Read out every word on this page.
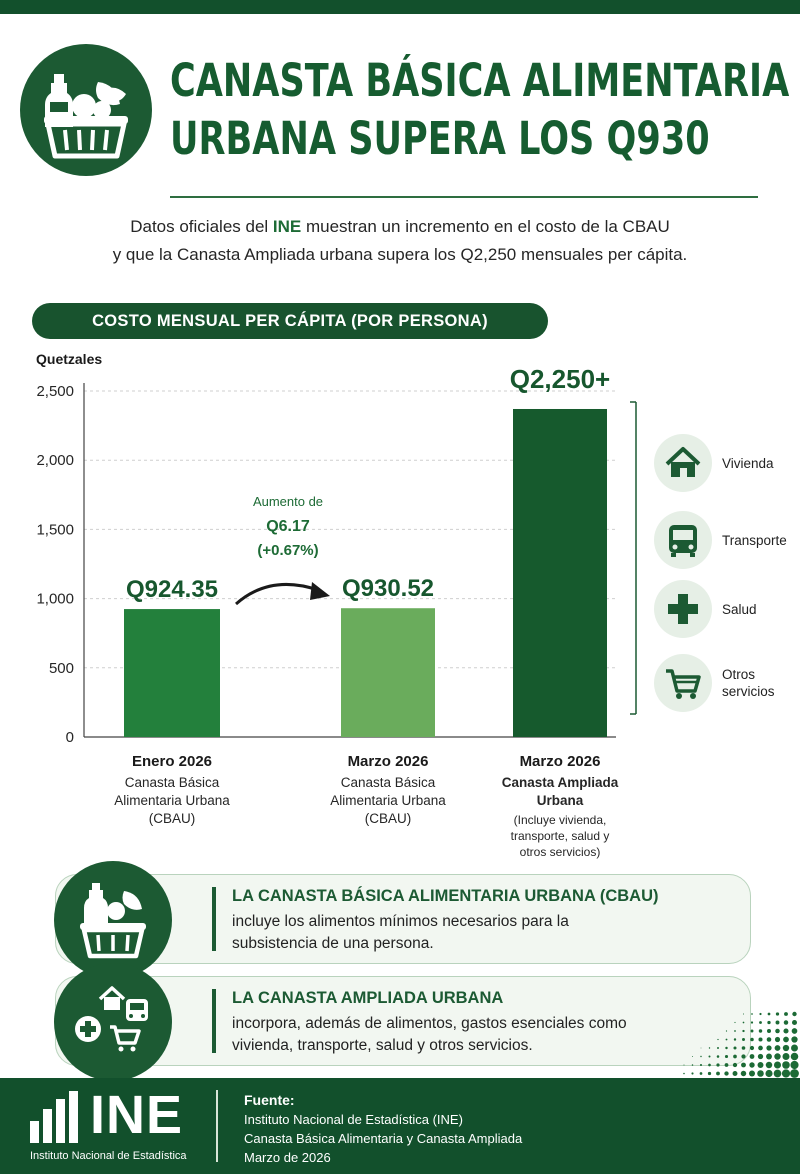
CANASTA BÁSICA ALIMENTARIA
URBANA SUPERA LOS Q930
Datos oficiales del INE muestran un incremento en el costo de la CBAU
y que la Canasta Ampliada urbana supera los Q2,250 mensuales per cápita.
COSTO MENSUAL PER CÁPITA (POR PERSONA)
Quetzales
0
500
1,000
1,500
2,000
2,500
Q924.35	Q930.52
Q2,250+
Enero 2026
Canasta Básica
Alimentaria Urbana
(CBAU)
Marzo 2026
Canasta Básica
Alimentaria Urbana
(CBAU)
Marzo 2026
Canasta Ampliada
Urbana
(Incluye vivienda,
transporte, salud y
otros servicios)
Aumento de
Q6.17
(+0.67%)
Vivienda
Transporte
Salud
Otros
servicios
LA CANASTA BÁSICA ALIMENTARIA URBANA (CBAU)
incluye los alimentos mínimos necesarios para la
subsistencia de una persona.
LA CANASTA AMPLIADA URBANA
incorpora, además de alimentos, gastos esenciales como
vivienda, transporte, salud y otros servicios.
INE
Instituto Nacional de Estadística
Fuente:
Instituto Nacional de Estadística (INE)
Canasta Básica Alimentaria y Canasta Ampliada
Marzo de 2026
